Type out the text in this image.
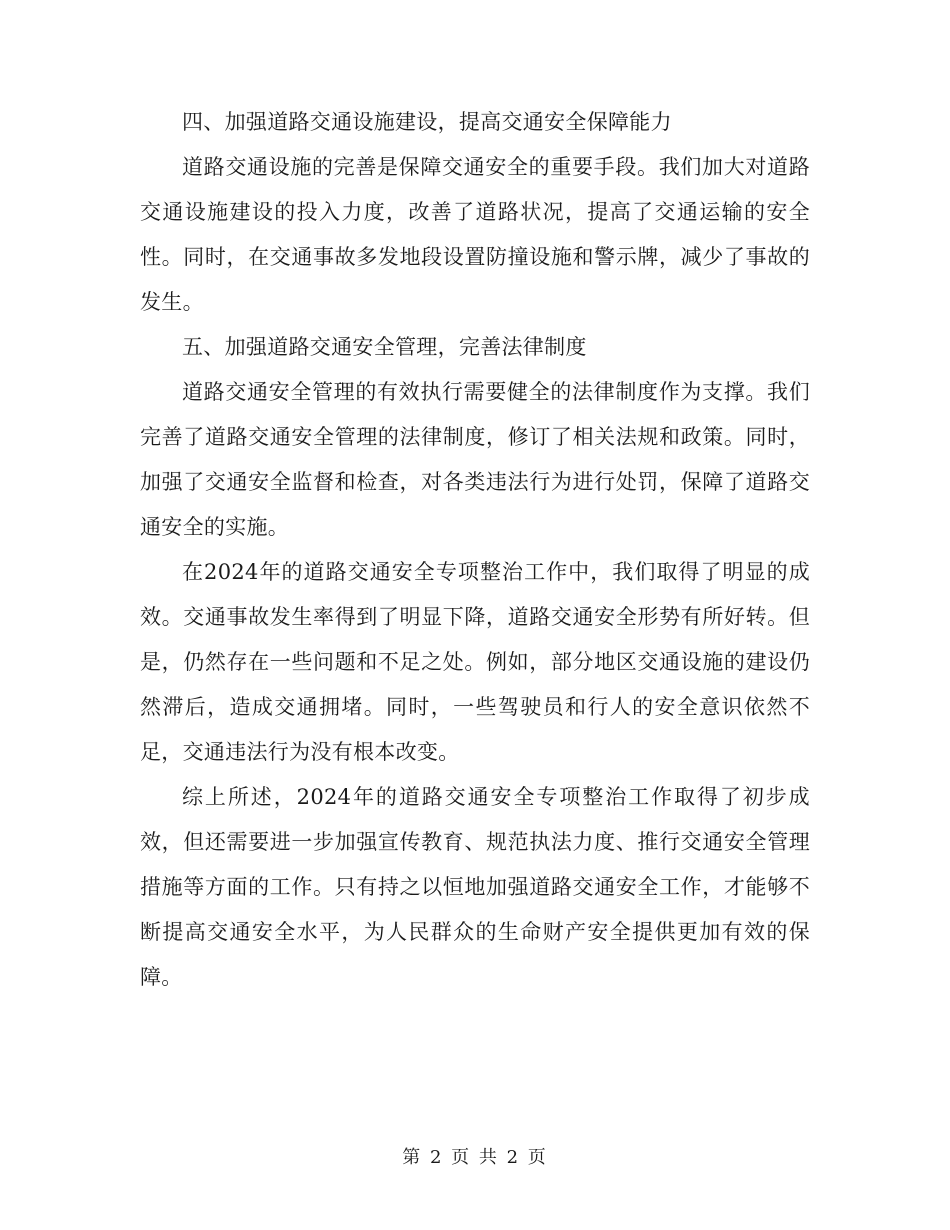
四、加强道路交通设施建设，提高交通安全保障能力

道路交通设施的完善是保障交通安全的重要手段。我们加大对道路交通设施建设的投入力度，改善了道路状况，提高了交通运输的安全性。同时，在交通事故多发地段设置防撞设施和警示牌，减少了事故的发生。

五、加强道路交通安全管理，完善法律制度

道路交通安全管理的有效执行需要健全的法律制度作为支撑。我们完善了道路交通安全管理的法律制度，修订了相关法规和政策。同时，加强了交通安全监督和检查，对各类违法行为进行处罚，保障了道路交通安全的实施。

在2024年的道路交通安全专项整治工作中，我们取得了明显的成效。交通事故发生率得到了明显下降，道路交通安全形势有所好转。但是，仍然存在一些问题和不足之处。例如，部分地区交通设施的建设仍然滞后，造成交通拥堵。同时，一些驾驶员和行人的安全意识依然不足，交通违法行为没有根本改变。

综上所述，2024年的道路交通安全专项整治工作取得了初步成效，但还需要进一步加强宣传教育、规范执法力度、推行交通安全管理措施等方面的工作。只有持之以恒地加强道路交通安全工作，才能够不断提高交通安全水平，为人民群众的生命财产安全提供更加有效的保障。

第 2 页 共 2 页
